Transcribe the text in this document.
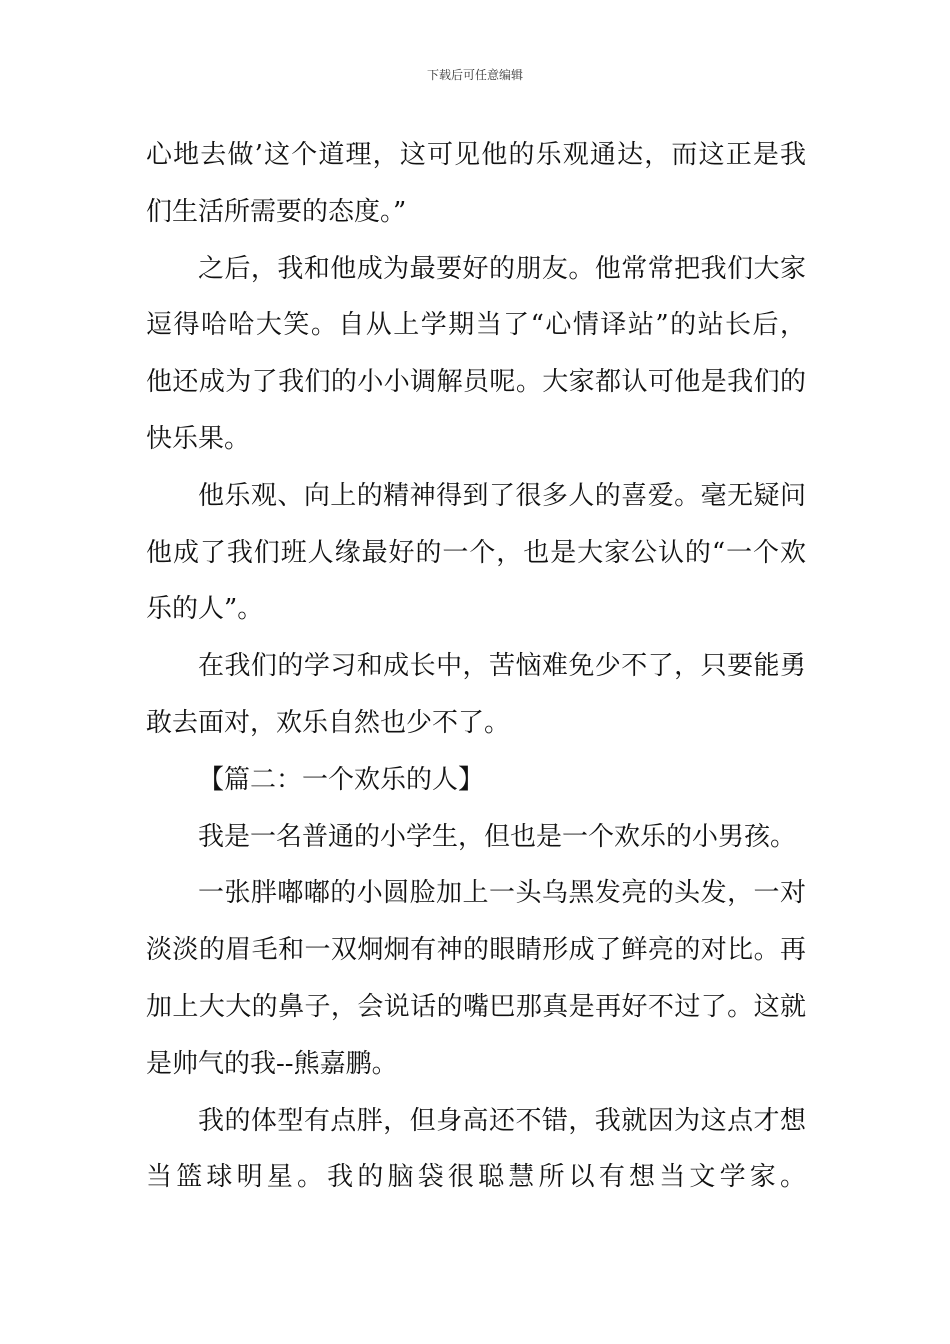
下载后可任意编辑
心地去做’这个道理，这可见他的乐观通达，而这正是我
们生活所需要的态度。”
之后，我和他成为最要好的朋友。他常常把我们大家
逗得哈哈大笑。自从上学期当了“心情译站”的站长后，
他还成为了我们的小小调解员呢。大家都认可他是我们的
快乐果。
他乐观、向上的精神得到了很多人的喜爱。毫无疑问
他成了我们班人缘最好的一个，也是大家公认的“一个欢
乐的人”。
在我们的学习和成长中，苦恼难免少不了，只要能勇
敢去面对，欢乐自然也少不了。
【篇二：一个欢乐的人】
我是一名普通的小学生，但也是一个欢乐的小男孩。
一张胖嘟嘟的小圆脸加上一头乌黑发亮的头发，一对
淡淡的眉毛和一双炯炯有神的眼睛形成了鲜亮的对比。再
加上大大的鼻子，会说话的嘴巴那真是再好不过了。这就
是帅气的我--熊嘉鹏。
我的体型有点胖，但身高还不错，我就因为这点才想
当篮球明星。我的脑袋很聪慧所以有想当文学家。
